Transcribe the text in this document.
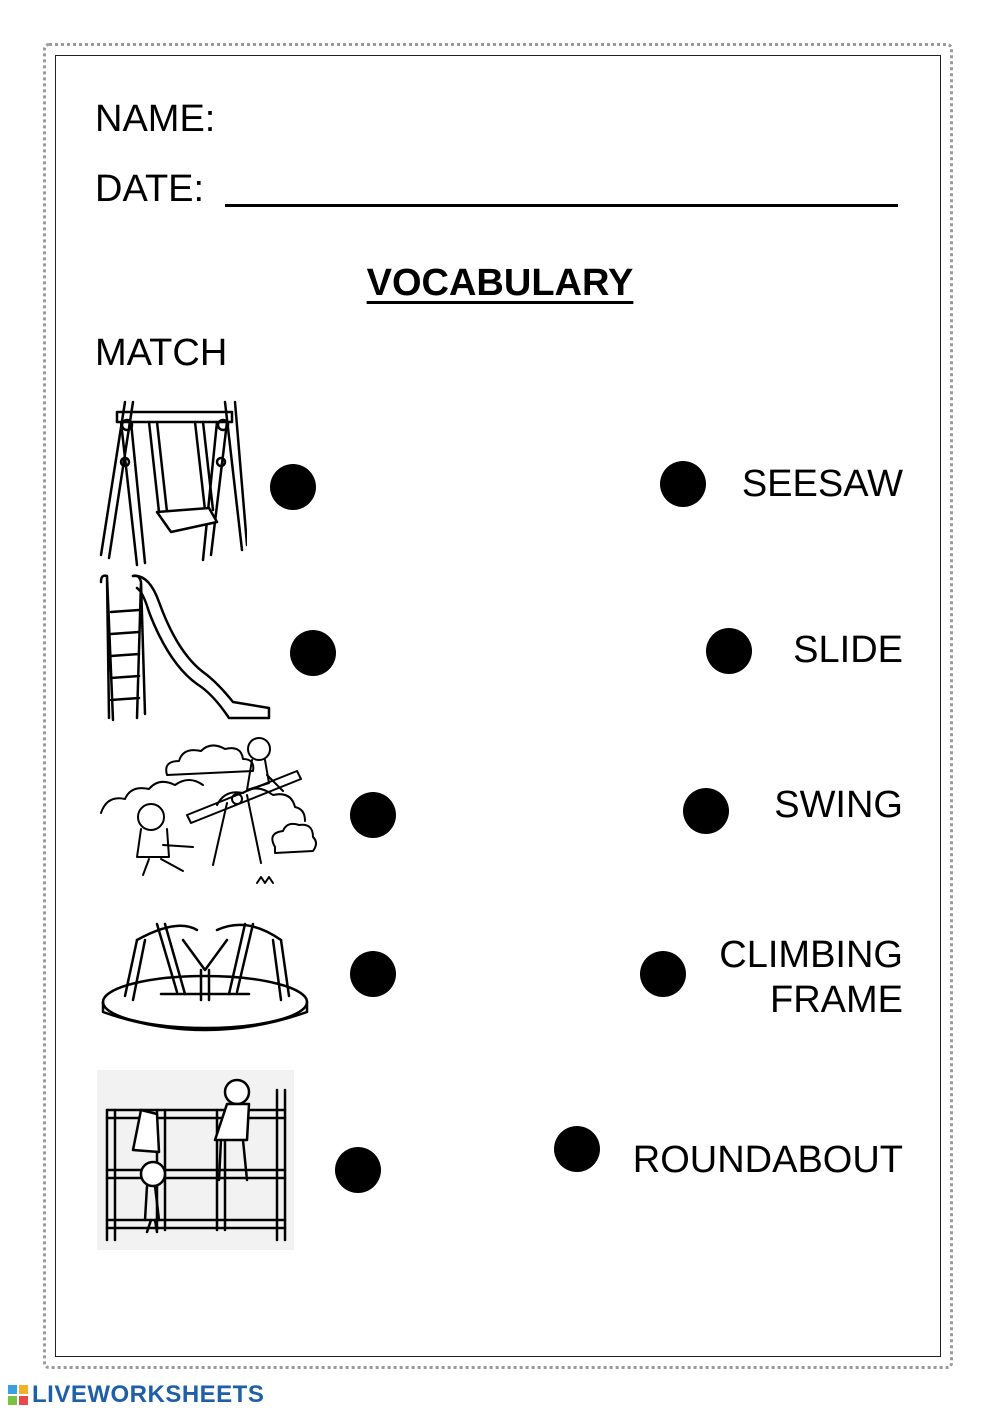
NAME:
DATE:
VOCABULARY
MATCH
SEESAW
SLIDE
SWING
CLIMBING
FRAME
ROUNDABOUT
LIVEWORKSHEETS
